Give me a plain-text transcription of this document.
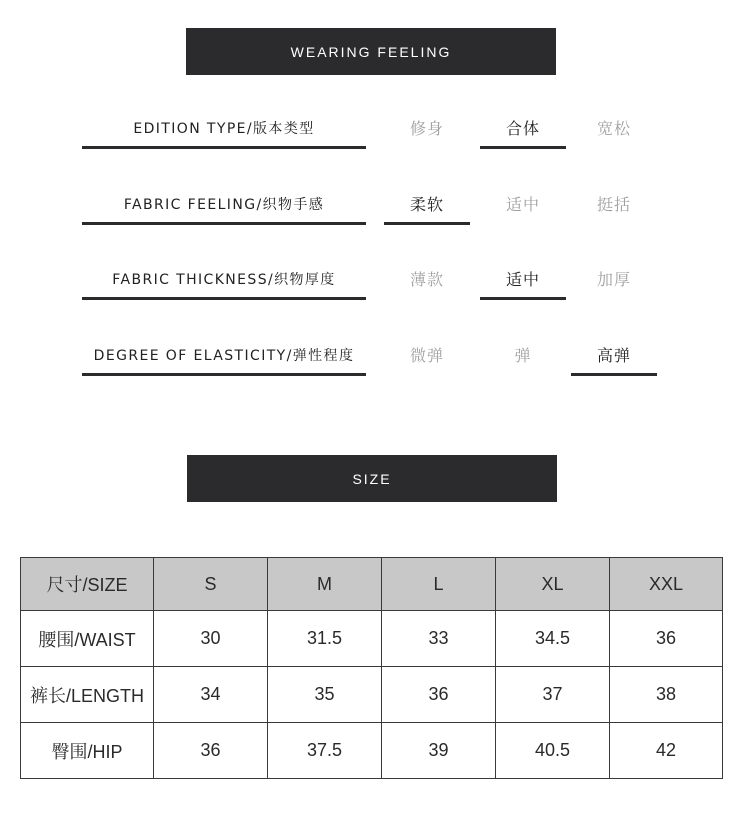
WEARING FEELING
EDITION TYPE/版本类型	修身	合体	宽松
FABRIC FEELING/织物手感	柔软	适中	挺括
FABRIC THICKNESS/织物厚度	薄款	适中	加厚
DEGREE OF ELASTICITY/弹性程度	微弹	弹	高弹
SIZE
尺寸/SIZE	S	M	L	XL	XXL
腰围/WAIST	30	31.5	33	34.5	36
裤长/LENGTH	34	35	36	37	38
臀围/HIP	36	37.5	39	40.5	42
